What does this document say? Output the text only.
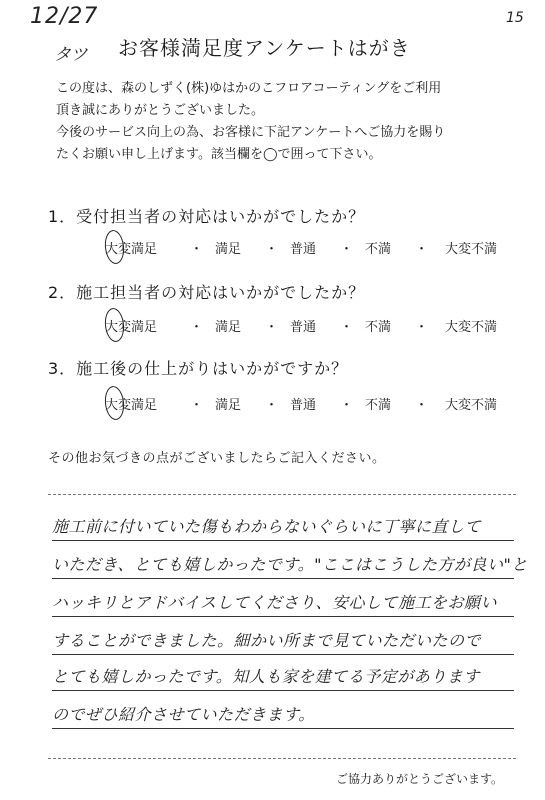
12/27
タツ
15
お客様満足度アンケートはがき

この度は、森のしずく(株)ゆはかのこフロアコーティングをご利用

頂き誠にありがとうございました。

今後のサービス向上の為、お客様に下記アンケートへご協力を賜り

たくお願い申し上げます。該当欄を◯で囲って下さい。

1．受付担当者の対応はいかがでしたか？
大変満足	・ 満足 ・ 普通 ・ 不満 ・ 大変不満
2．施工担当者の対応はいかがでしたか？
大変満足	・ 満足 ・ 普通 ・ 不満 ・ 大変不満
3．施工後の仕上がりはいかがですか？
大変満足	・ 満足 ・ 普通 ・ 不満 ・ 大変不満
その他お気づきの点がございましたらご記入ください。
施工前に付いていた傷もわからないぐらいに丁寧に直して
いただき、とても嬉しかったです。"ここはこうした方が良い"と
ハッキリとアドバイスしてくださり、安心して施工をお願い
することができました。細かい所まで見ていただいたので
とても嬉しかったです。知人も家を建てる予定があります
のでぜひ紹介させていただきます。
ご協力ありがとうございます。
